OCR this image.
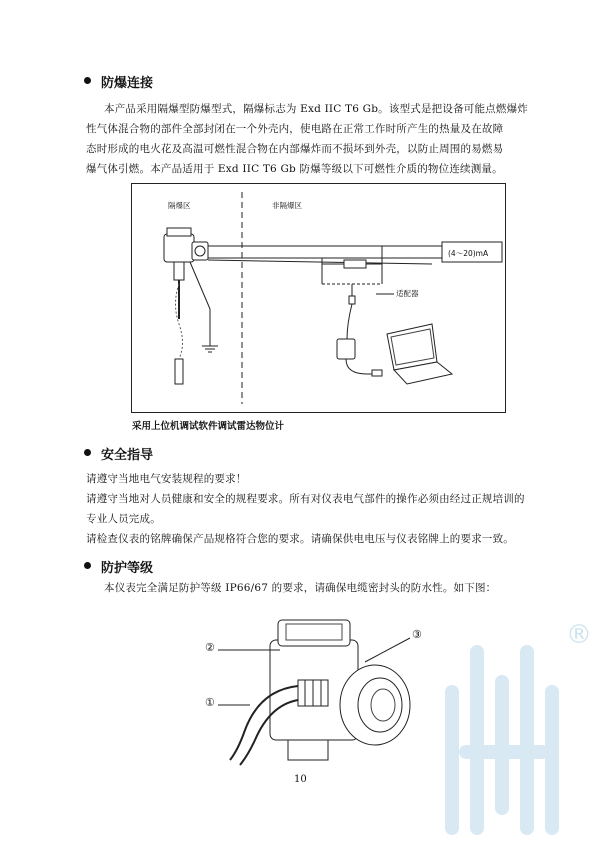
防爆连接
本产品采用隔爆型防爆型式，隔爆标志为 Exd IIC T6 Gb。该型式是把设备可能点燃爆炸
性气体混合物的部件全部封闭在一个外壳内，使电路在正常工作时所产生的热量及在故障
态时形成的电火花及高温可燃性混合物在内部爆炸而不损坏到外壳，以防止周围的易燃易
爆气体引燃。本产品适用于 Exd IIC T6 Gb 防爆等级以下可燃性介质的物位连续测量。
隔爆区	非隔爆区
(4～20)mA
适配器
采用上位机调试软件调试雷达物位计
安全指导
请遵守当地电气安装规程的要求！
请遵守当地对人员健康和安全的规程要求。所有对仪表电气部件的操作必须由经过正规培训的
专业人员完成。
请检查仪表的铭牌确保产品规格符合您的要求。请确保供电电压与仪表铭牌上的要求一致。
防护等级
本仪表完全满足防护等级 IP66/67 的要求，请确保电缆密封头的防水性。如下图：
®
②
①
③
10
